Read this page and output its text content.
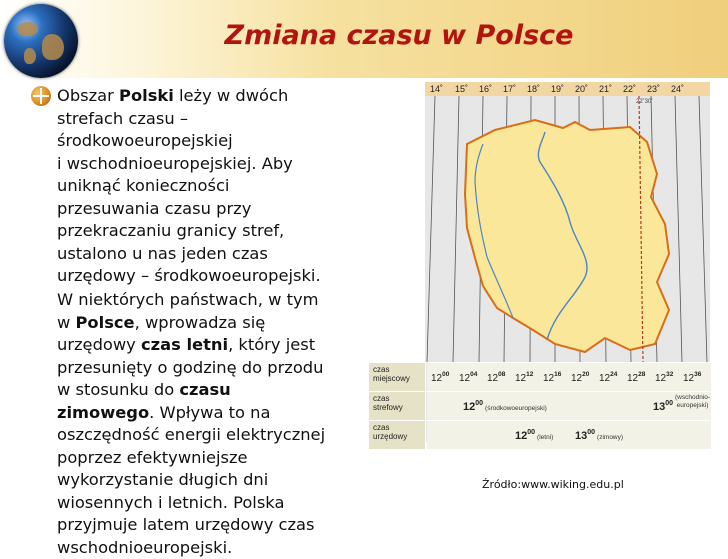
Zmiana czasu w Polsce
Obszar Polski leży w dwóch
strefach czasu –
środkowoeuropejskiej
i wschodnioeuropejskiej. Aby
uniknąć konieczności
przesuwania czasu przy
przekraczaniu granicy stref,
ustalono u nas jeden czas
urzędowy – środkowoeuropejski.
W niektórych państwach, w tym
w Polsce, wprowadza się
urzędowy czas letni, który jest
przesunięty o godzinę do przodu
w stosunku do czasu
zimowego. Wpływa to na
oszczędność energii elektrycznej
poprzez efektywniejsze
wykorzystanie długich dni
wiosennych i letnich. Polska
przyjmuje latem urzędowy czas
wschodnioeuropejski.
14˚ 15˚ 16˚ 17˚ 18˚ 19˚ 20˚ 21˚ 22˚ 23˚ 24˚
22˚30'
czas
miejscowy	$12^{00}$ $12^{04}$ $12^{08}$ $12^{12}$ $12^{16}$ $12^{20}$ $12^{24}$ $12^{28}$ $12^{32}$ $12^{36}$
czas
strefowy	$12^{00}(środkowoeuropejski)$	$13^{00}$
(wschodnio-
europejski)
czas
urzędowy	$12^{00}(letni)$ $13^{00}(zimowy)$
Źródło:www.wiking.edu.pl
